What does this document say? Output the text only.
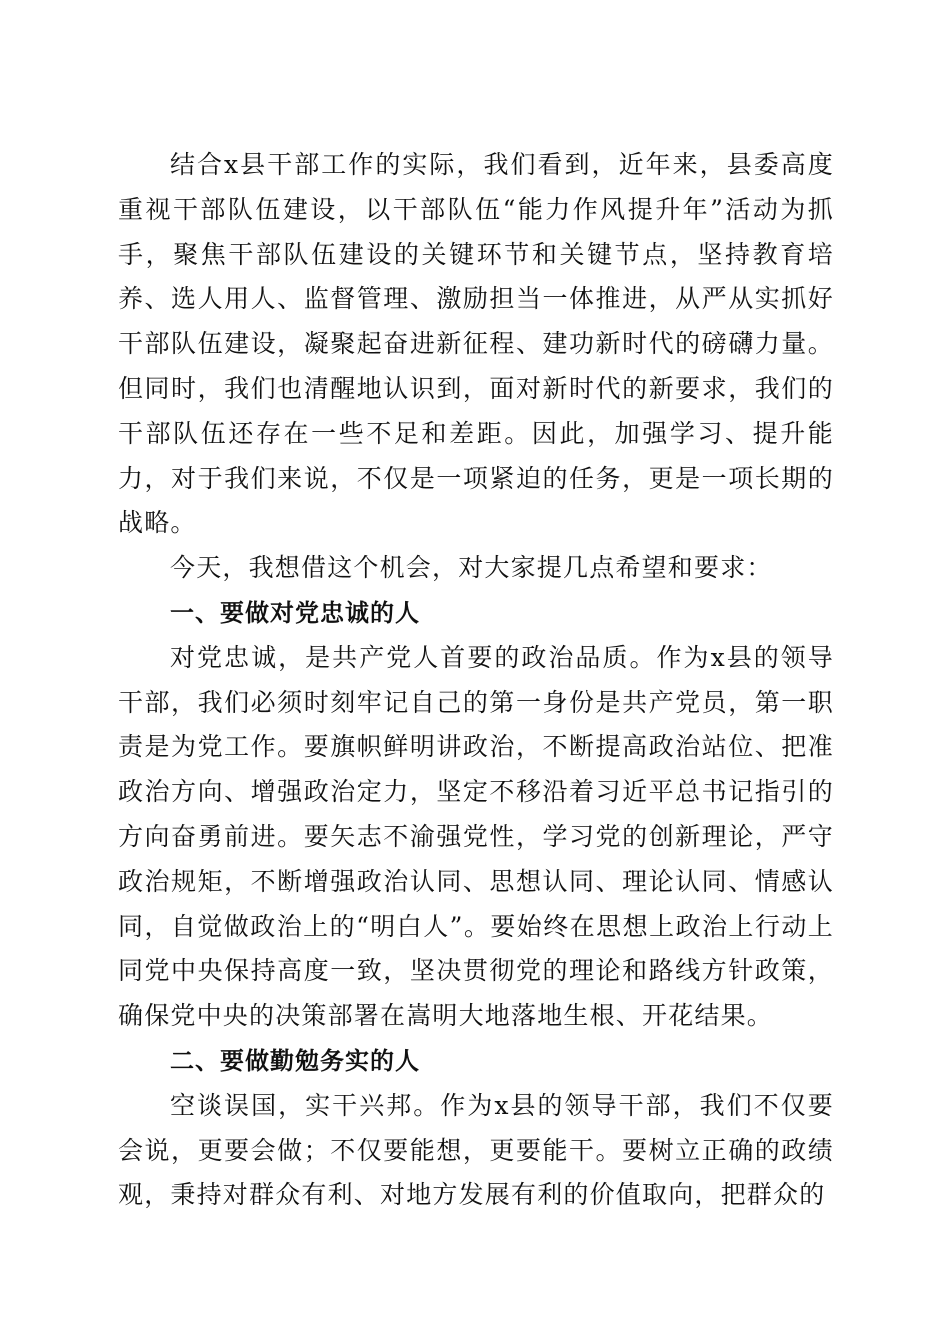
结合x县干部工作的实际，我们看到，近年来，县委高度重视干部队伍建设，以干部队伍“能力作风提升年”活动为抓手，聚焦干部队伍建设的关键环节和关键节点，坚持教育培养、选人用人、监督管理、激励担当一体推进，从严从实抓好干部队伍建设，凝聚起奋进新征程、建功新时代的磅礴力量。但同时，我们也清醒地认识到，面对新时代的新要求，我们的干部队伍还存在一些不足和差距。因此，加强学习、提升能力，对于我们来说，不仅是一项紧迫的任务，更是一项长期的战略。

今天，我想借这个机会，对大家提几点希望和要求：

一、要做对党忠诚的人

对党忠诚，是共产党人首要的政治品质。作为x县的领导干部，我们必须时刻牢记自己的第一身份是共产党员，第一职责是为党工作。要旗帜鲜明讲政治，不断提高政治站位、把准政治方向、增强政治定力，坚定不移沿着习近平总书记指引的方向奋勇前进。要矢志不渝强党性，学习党的创新理论，严守政治规矩，不断增强政治认同、思想认同、理论认同、情感认同，自觉做政治上的“明白人”。要始终在思想上政治上行动上同党中央保持高度一致，坚决贯彻党的理论和路线方针政策，确保党中央的决策部署在嵩明大地落地生根、开花结果。

二、要做勤勉务实的人

空谈误国，实干兴邦。作为x县的领导干部，我们不仅要会说，更要会做；不仅要能想，更要能干。要树立正确的政绩观，秉持对群众有利、对地方发展有利的价值取向，把群众的
